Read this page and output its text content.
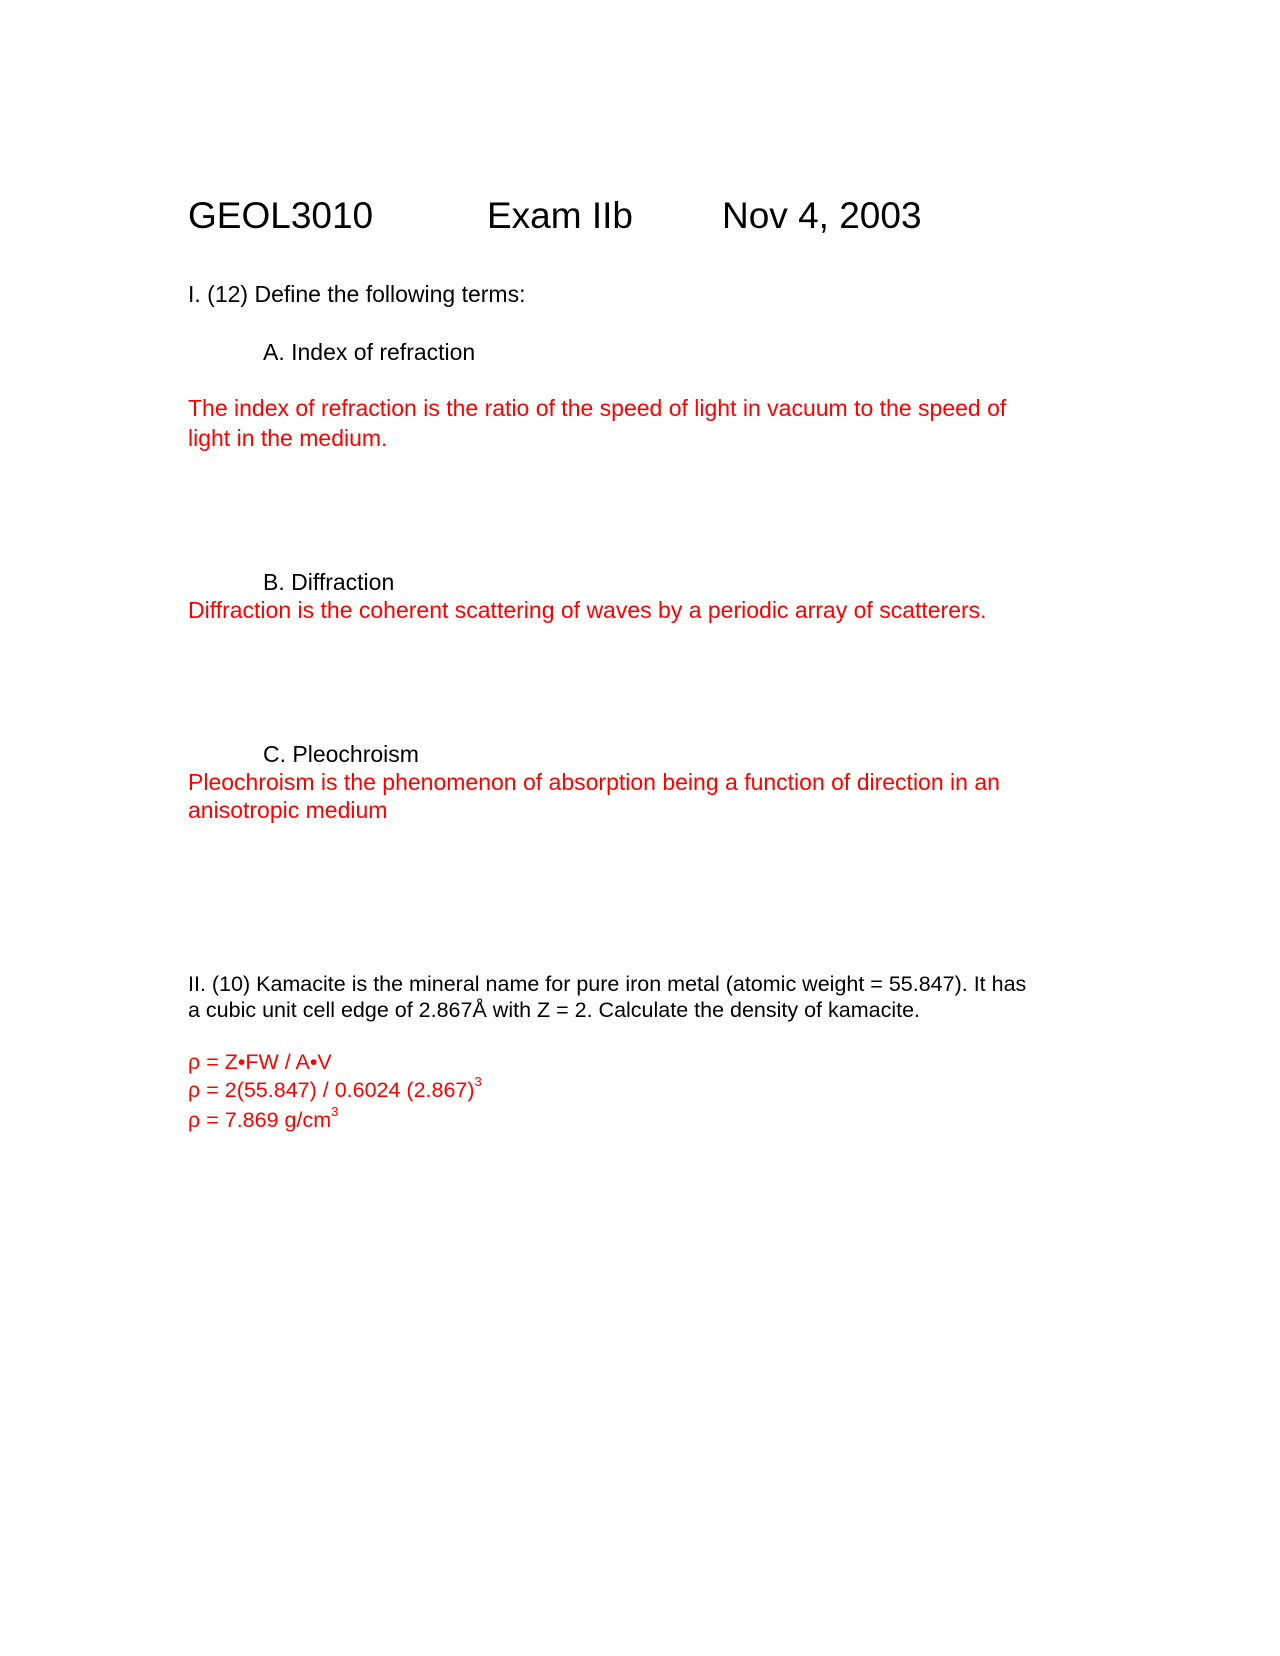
GEOL3010	Exam IIb Nov 4, 2003
I. (12) Define the following terms:
A. Index of refraction
The index of refraction is the ratio of the speed of light in vacuum to the speed of
light in the medium.
B. Diffraction
Diffraction is the coherent scattering of waves by a periodic array of scatterers.
C. Pleochroism
Pleochroism is the phenomenon of absorption being a function of direction in an
anisotropic medium
II. (10) Kamacite is the mineral name for pure iron metal (atomic weight = 55.847). It has
a cubic unit cell edge of 2.867Å with Z = 2. Calculate the density of kamacite.
ρ = Z•FW / A•V
ρ = 2(55.847) / 0.6024 $(2.867)^3$
ρ = 7.869 $g/cm^3$
